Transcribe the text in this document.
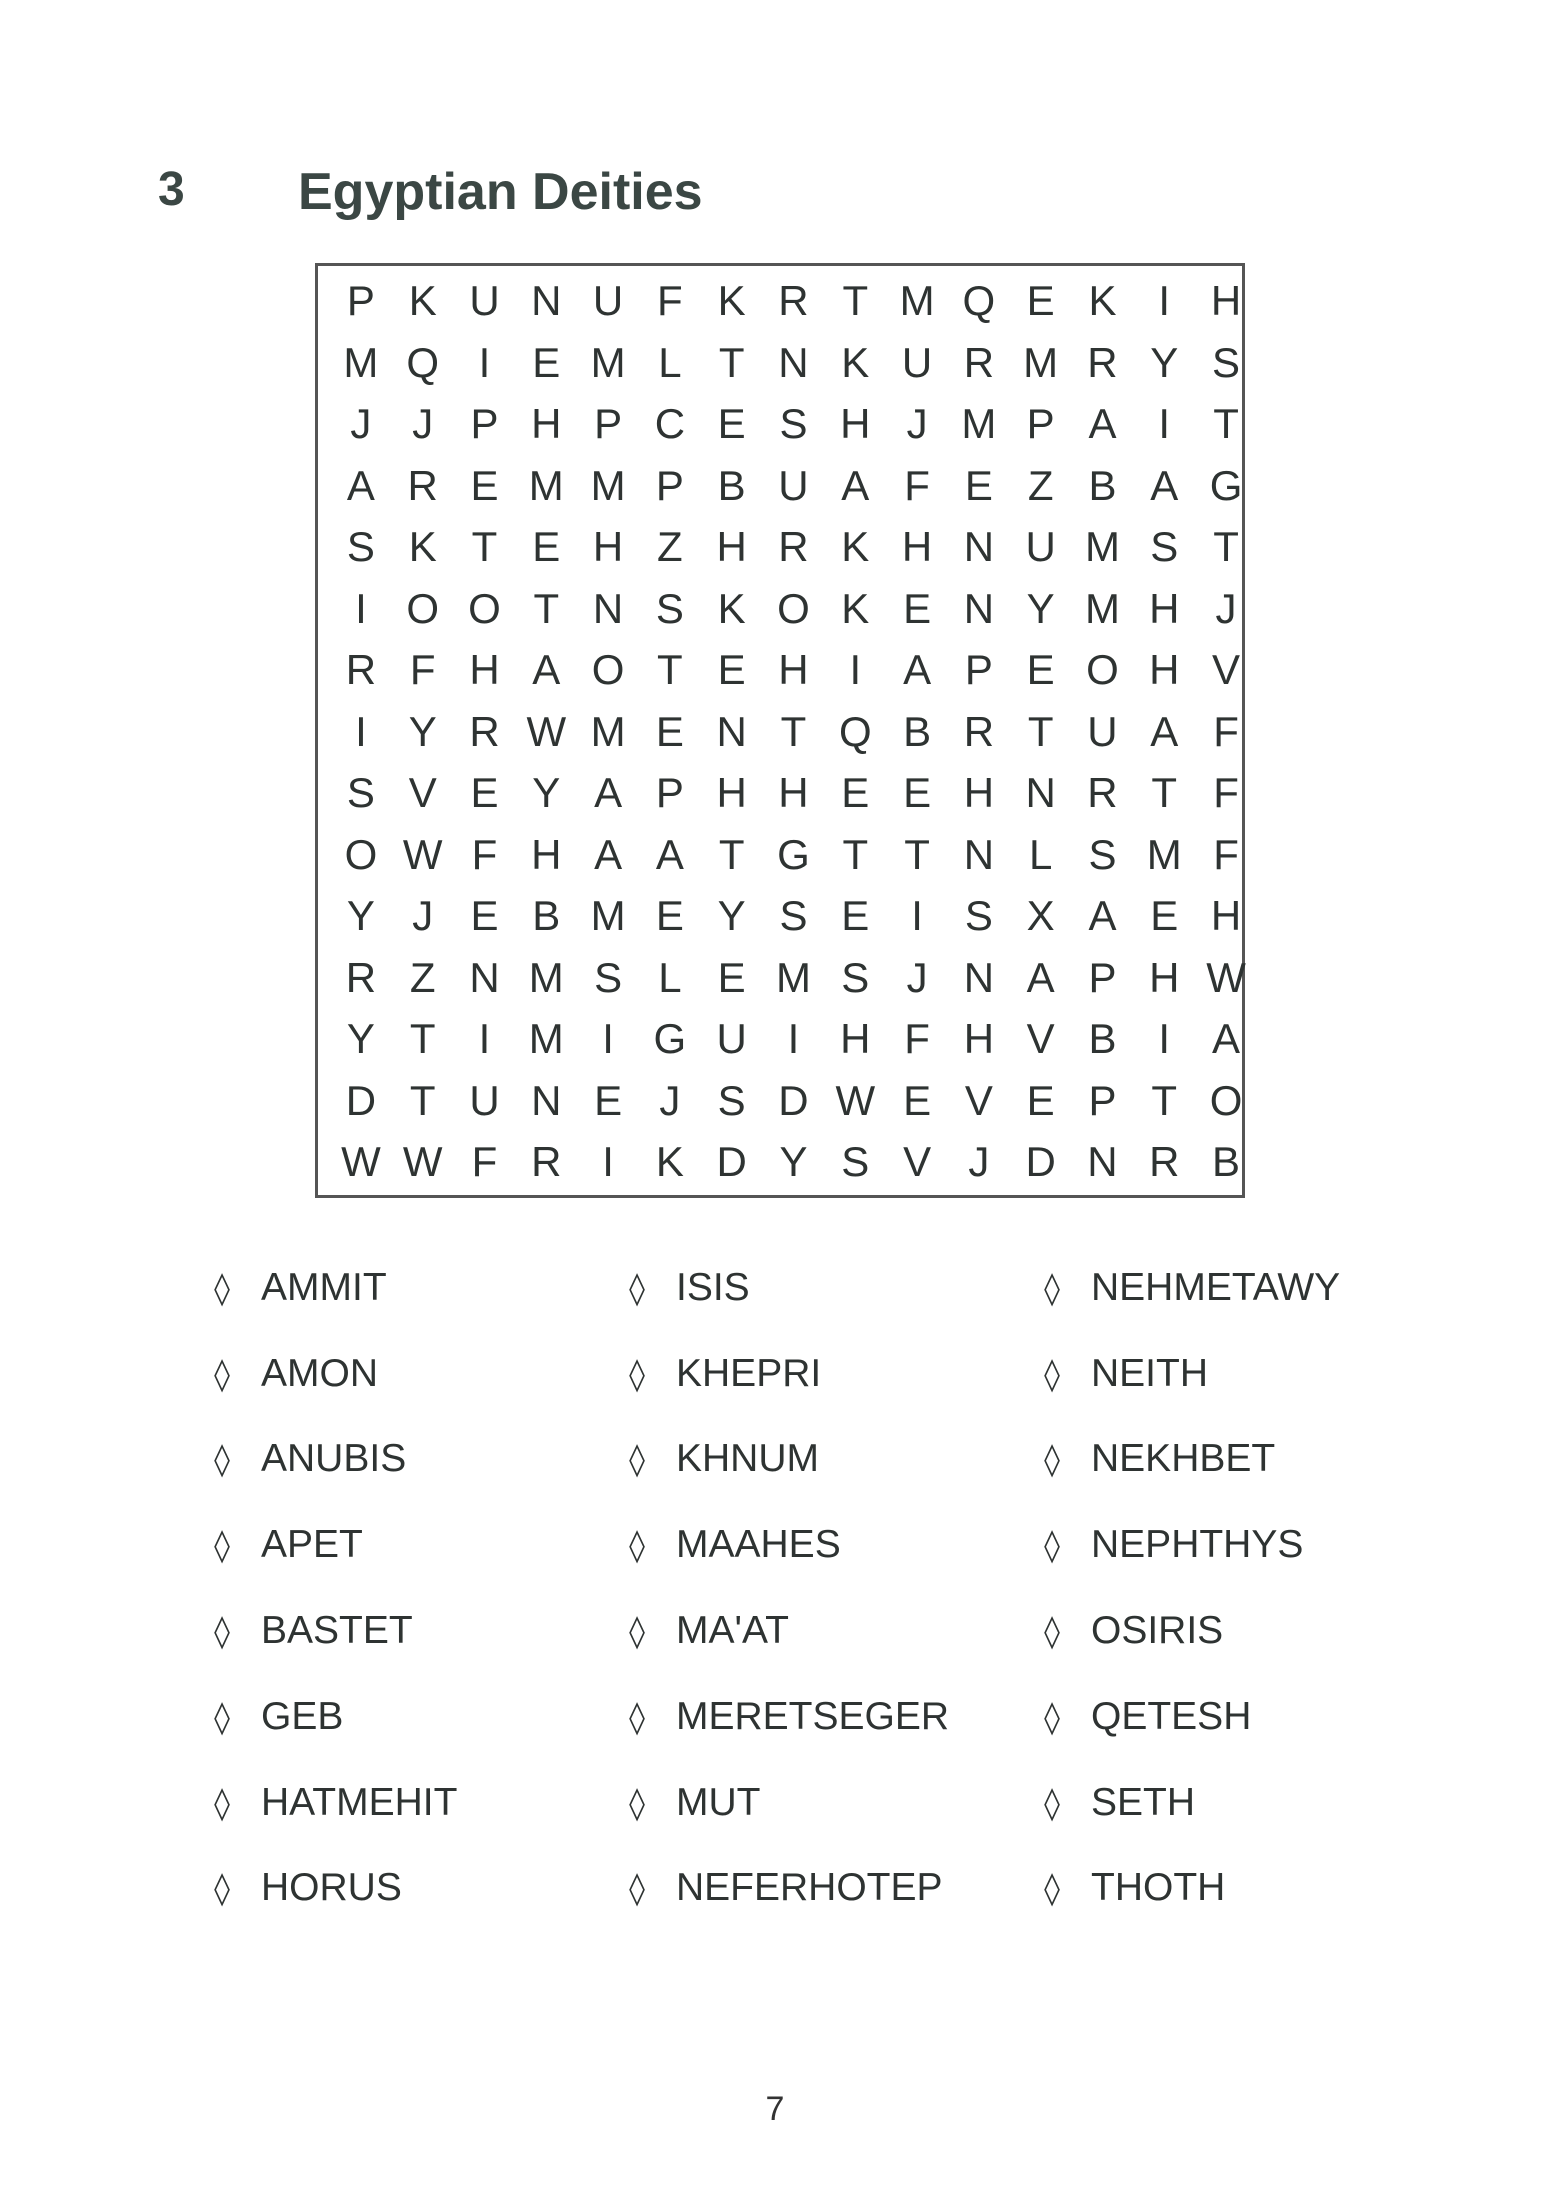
3 Egyptian Deities
P K U N U F K R T M Q E K I H
M Q I E M L T N K U R M R Y S
J J P H P C E S H J M P A I	T
A R E M M P B U A F E Z B A G
S K T E H Z H R K H N U M S T
I O O T N S K O K E N Y M H J
R F H A O T E H I A P E O H V
I Y R W M E N T Q B R T U A F
S V E Y A P H H E E H N R T F
O W F H A A T G T T N L S M F
Y J E B M E Y S E I S X A E H
R Z N M S L E M S J N A P H W
Y T	I M I G U I H F H V B I A
D T U N E J S D W E V E P T O
W W F R I K D Y S V J D N R B
◊ AMMIT
◊ AMON
◊ ANUBIS
◊ APET
◊ BASTET
◊ GEB
◊ HATMEHIT
◊ HORUS
◊ ISIS
◊ KHEPRI
◊ KHNUM
◊ MAAHES
◊ MA'AT
◊ MERETSEGER
◊ MUT
◊ NEFERHOTEP
◊ NEHMETAWY
◊ NEITH
◊ NEKHBET
◊ NEPHTHYS
◊ OSIRIS
◊ QETESH
◊ SETH
◊ THOTH
7
